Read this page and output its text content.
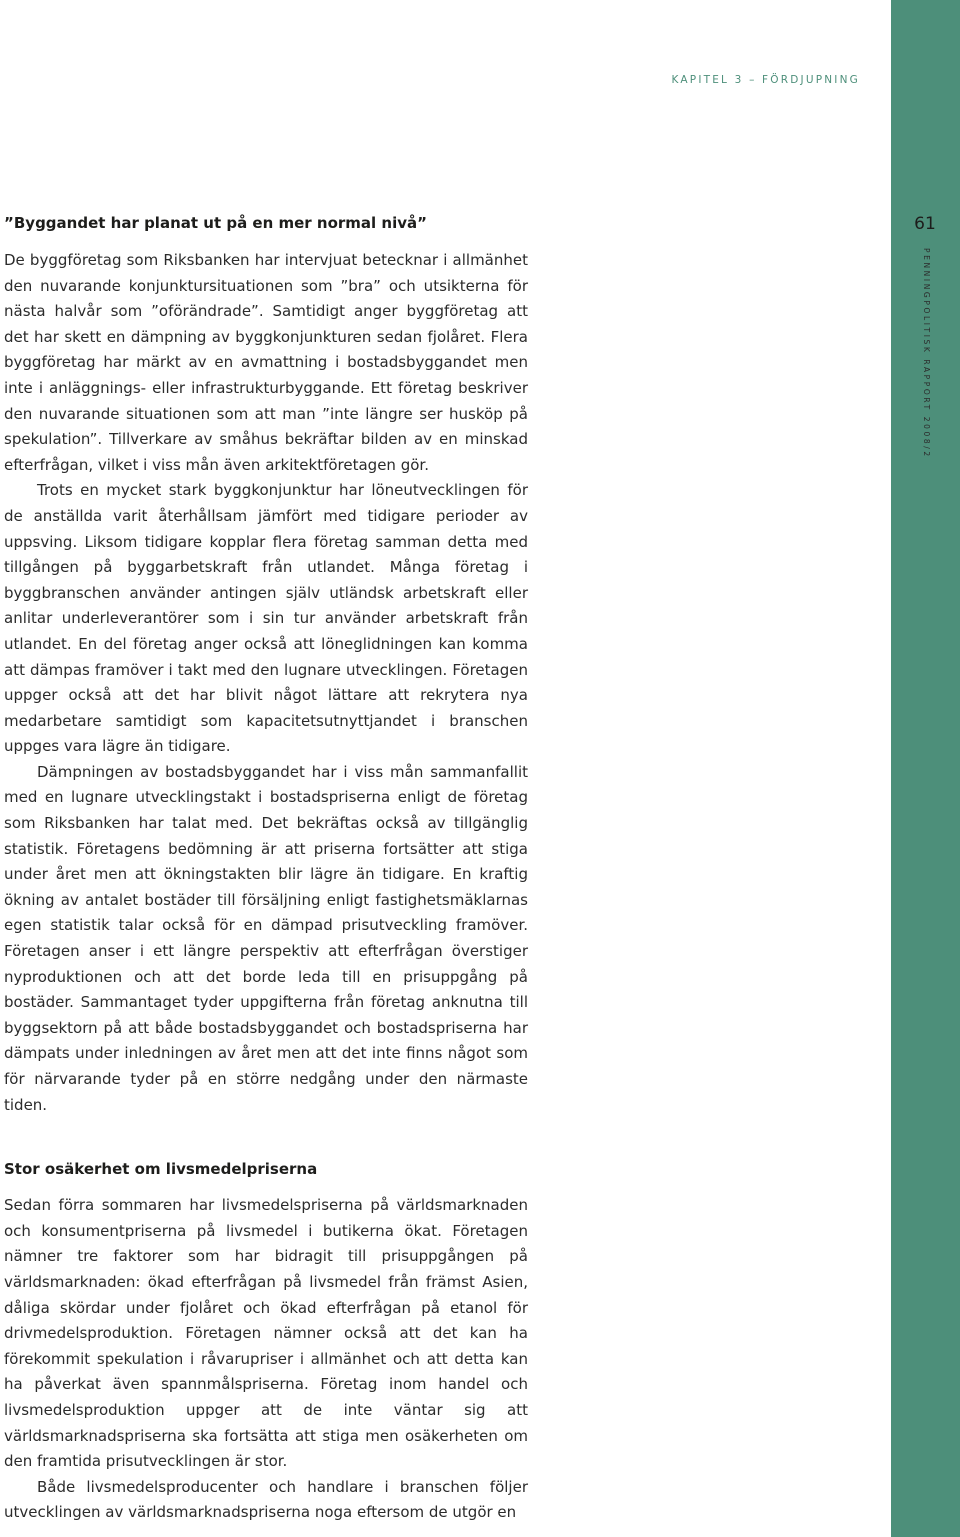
KAPITEL 3 – FÖRDJUPNING
61
PENNINGPOLITISK RAPPORT 2008/2
”Byggandet har planat ut på en mer normal nivå”

De byggföretag som Riksbanken har intervjuat betecknar i allmänhet den nuvarande konjunktursituationen som ”bra” och utsikterna för nästa halvår som ”oförändrade”. Samtidigt anger byggföretag att det har skett en dämpning av byggkonjunkturen sedan fjolåret. Flera byggföretag har märkt av en avmattning i bostadsbyggandet men inte i anläggnings- eller infrastrukturbyggande. Ett företag beskriver den nuvarande situationen som att man ”inte längre ser husköp på spekulation”. Tillverkare av småhus bekräftar bilden av en minskad efterfrågan, vilket i viss mån även arkitektföretagen gör.

Trots en mycket stark byggkonjunktur har löneutvecklingen för de anställda varit återhållsam jämfört med tidigare perioder av uppsving. Liksom tidigare kopplar flera företag samman detta med tillgången på byggarbetskraft från utlandet. Många företag i byggbranschen använder antingen själv utländsk arbetskraft eller anlitar underleverantörer som i sin tur använder arbetskraft från utlandet. En del företag anger också att löneglidningen kan komma att dämpas framöver i takt med den lugnare utvecklingen. Företagen uppger också att det har blivit något lättare att rekrytera nya medarbetare samtidigt som kapacitetsutnyttjandet i branschen uppges vara lägre än tidigare.

Dämpningen av bostadsbyggandet har i viss mån sammanfallit med en lugnare utvecklingstakt i bostadspriserna enligt de företag som Riksbanken har talat med. Det bekräftas också av tillgänglig statistik. Företagens bedömning är att priserna fortsätter att stiga under året men att ökningstakten blir lägre än tidigare. En kraftig ökning av antalet bostäder till försäljning enligt fastighetsmäklarnas egen statistik talar också för en dämpad prisutveckling framöver. Företagen anser i ett längre perspektiv att efterfrågan överstiger nyproduktionen och att det borde leda till en prisuppgång på bostäder. Sammantaget tyder uppgifterna från företag anknutna till byggsektorn på att både bostadsbyggandet och bostadspriserna har dämpats under inledningen av året men att det inte finns något som för närvarande tyder på en större nedgång under den närmaste tiden.

Stor osäkerhet om livsmedelpriserna

Sedan förra sommaren har livsmedelspriserna på världsmarknaden och konsumentpriserna på livsmedel i butikerna ökat. Företagen nämner tre faktorer som har bidragit till prisuppgången på världsmarknaden: ökad efterfrågan på livsmedel från främst Asien, dåliga skördar under fjolåret och ökad efterfrågan på etanol för drivmedelsproduktion. Företagen nämner också att det kan ha förekommit spekulation i råvarupriser i allmänhet och att detta kan ha påverkat även spannmålspriserna. Företag inom handel och livsmedelsproduktion uppger att de inte väntar sig att världsmarknadspriserna ska fortsätta att stiga men osäkerheten om den framtida prisutvecklingen är stor.

Både livsmedelsproducenter och handlare i branschen följer utvecklingen av världsmarknadspriserna noga eftersom de utgör en
